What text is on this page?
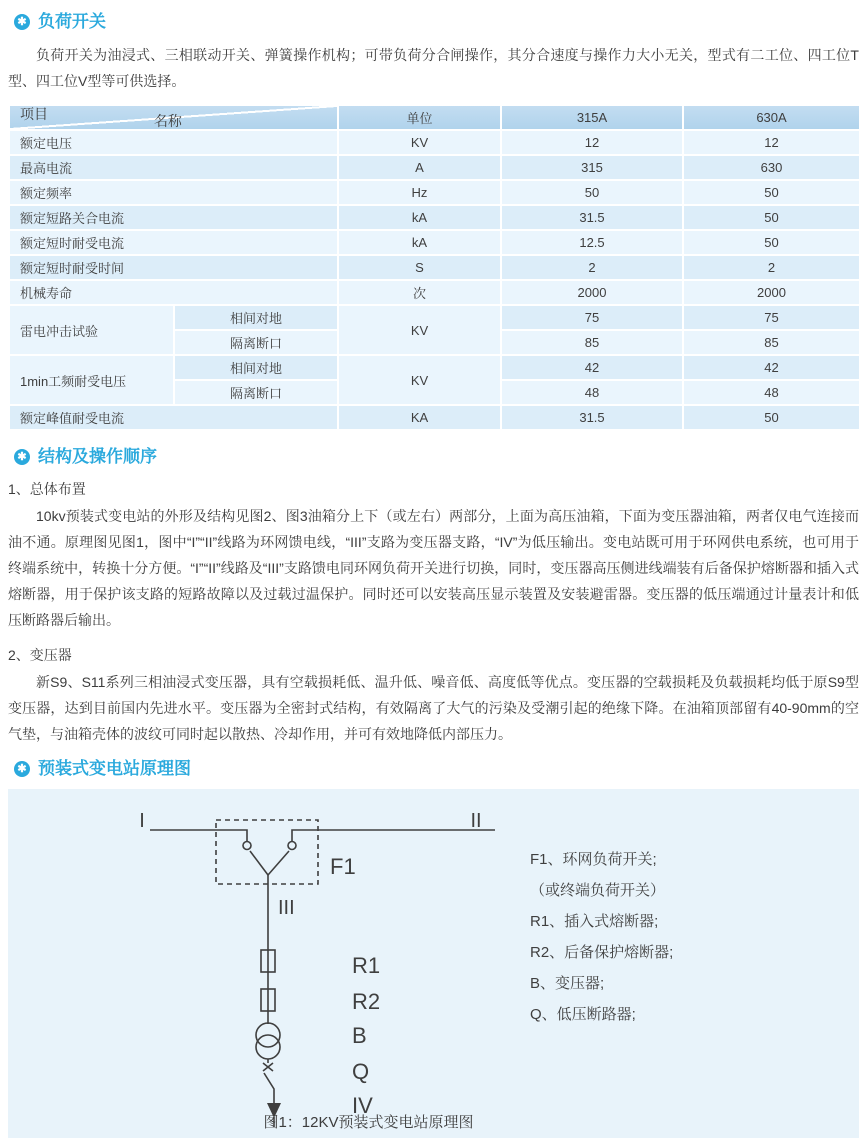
✱ 负荷开关

负荷开关为油浸式、三相联动开关、弹簧操作机构；可带负荷分合闸操作，其分合速度与操作力大小无关，型式有二工位、四工位T型、四工位V型等可供选择。

名称
项目		单位	315A	630A
额定电压		KV	12	12
最高电流		A	315	630
额定频率		Hz	50	50
额定短路关合电流		kA	31.5	50
额定短时耐受电流		kA	12.5	50
额定短时耐受时间		S	2	2
机械寿命		次	2000	2000
雷电冲击试验	相间对地	KV	75	75
	隔离断口		85	85
1min工频耐受电压	相间对地	KV	42	42
	隔离断口		48	48
额定峰值耐受电流		KA	31.5	50
✱ 结构及操作顺序
1、总体布置

10kv预装式变电站的外形及结构见图2、图3油箱分上下（或左右）两部分，上面为高压油箱，下面为变压器油箱，两者仅电气连接而油不通。原理图见图1，图中“I”“II”线路为环网馈电线，“III”支路为变压器支路，“IV”为低压输出。变电站既可用于环网供电系统，也可用于终端系统中，转换十分方便。“I”“II”线路及“III”支路馈电同环网负荷开关进行切换，同时，变压器高压侧进线端装有后备保护熔断器和插入式熔断器，用于保护该支路的短路故障以及过载过温保护。同时还可以安装高压显示装置及安装避雷器。变压器的低压端通过计量表计和低压断路器后输出。

2、变压器

新S9、S11系列三相油浸式变压器，具有空载损耗低、温升低、噪音低、高度低等优点。变压器的空载损耗及负载损耗均低于原S9型变压器，达到目前国内先进水平。变压器为全密封式结构，有效隔离了大气的污染及受潮引起的绝缘下降。在油箱顶部留有40-90mm的空气垫，与油箱壳体的波纹可同时起以散热、冷却作用，并可有效地降低内部压力。

✱ 预装式变电站原理图
I	II
F1
III
R1
R2
B
Q
IV
F1、环网负荷开关;
（或终端负荷开关）
R1、插入式熔断器;
R2、后备保护熔断器;
B、变压器;
Q、低压断路器;
图1：12KV预装式变电站原理图
